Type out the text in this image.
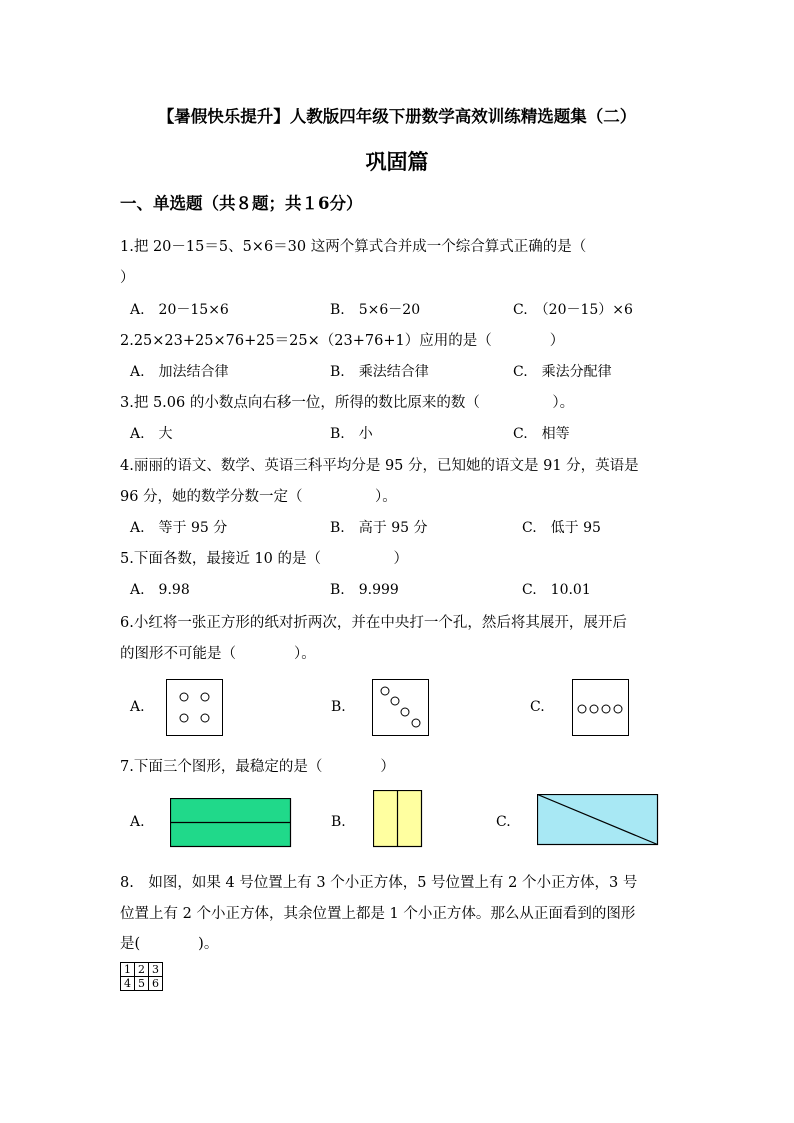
【暑假快乐提升】人教版四年级下册数学高效训练精选题集（二）
巩固篇
一、单选题（共８题；共１6分）
1.把 20－15＝5、5×6＝30 这两个算式合并成一个综合算式正确的是（
）
A.　20－15×6	B.　5×6－20	C.　（20－15）×6
2.25×23+25×76+25＝25×（23+76+1）应用的是（　　　　）
A.　加法结合律	B.　乘法结合律	C.　乘法分配律
3.把 5.06 的小数点向右移一位，所得的数比原来的数（　　　　　）。
A.　大	B.　小	C.　相等
4.丽丽的语文、数学、英语三科平均分是 95 分，已知她的语文是 91 分，英语是
96 分，她的数学分数一定（　　　　　）。
A.　等于 95 分	B.　高于 95 分	C.　低于 95
5.下面各数，最接近 10 的是（　　　　　）
A.　9.98	B.　9.999	C.　10.01
6.小红将一张正方形的纸对折两次，并在中央打一个孔，然后将其展开，展开后
的图形不可能是（　　　　）。
A.	B.	C.
7.下面三个图形，最稳定的是（　　　　）
A.	B.	C.
8.　如图，如果 4 号位置上有 3 个小正方体，5 号位置上有 2 个小正方体，3 号
位置上有 2 个小正方体，其余位置上都是 1 个小正方体。那么从正面看到的图形
是(　　　　)。
1	2	3
4	5	6
